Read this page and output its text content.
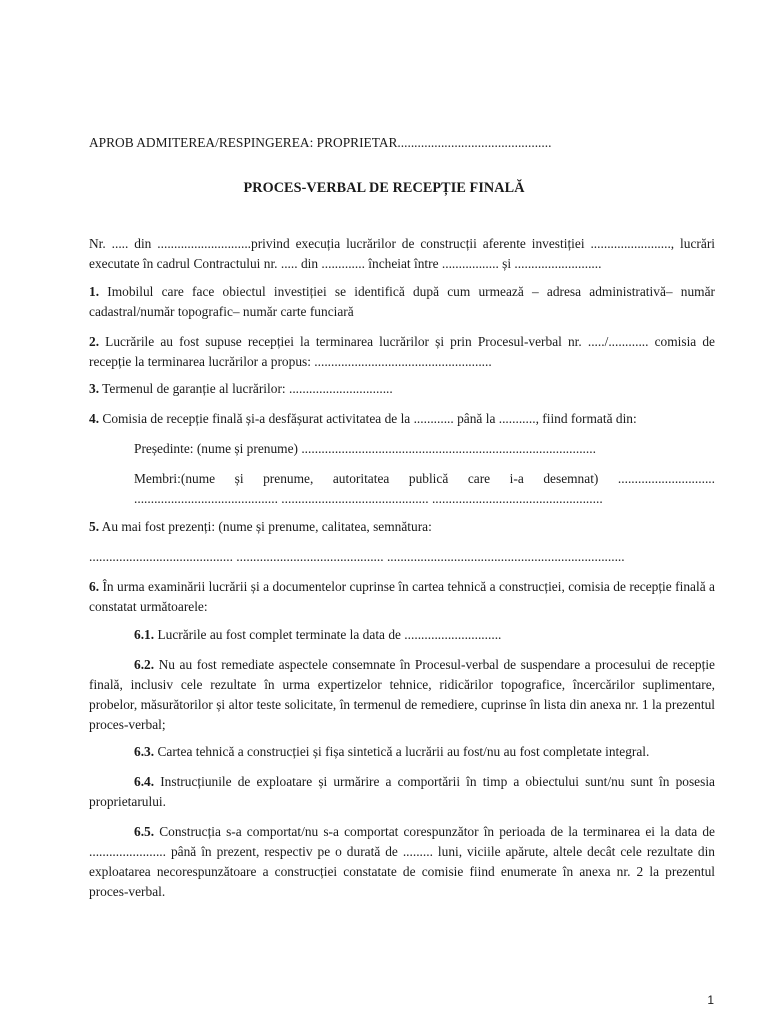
APROB ADMITEREA/RESPINGEREA: PROPRIETAR..............................................
PROCES-VERBAL DE RECEPȚIE FINALĂ
Nr. ..... din ............................privind execuția lucrărilor de construcții aferente investiției ........................, lucrări executate în cadrul Contractului nr. ..... din ............. încheiat între ................. și ..........................
1. Imobilul care face obiectul investiției se identifică după cum urmează – adresa administrativă– număr cadastral/număr topografic– număr carte funciară
2. Lucrările au fost supuse recepției la terminarea lucrărilor și prin Procesul-verbal nr. ...../............ comisia de recepție la terminarea lucrărilor a propus: .....................................................
3. Termenul de garanție al lucrărilor: ...............................
4. Comisia de recepție finală și-a desfășurat activitatea de la ............ până la ..........., fiind formată din:
Președinte: (nume și prenume) ........................................................................................
Membri:(nume și prenume, autoritatea publică care i-a desemnat) ............................. ........................................... ............................................ ...................................................
5. Au mai fost prezenți: (nume și prenume, calitatea, semnătura:
........................................... ............................................ .......................................................................
6. În urma examinării lucrării și a documentelor cuprinse în cartea tehnică a construcției, comisia de recepție finală a constatat următoarele:
6.1. Lucrările au fost complet terminate la data de .............................
6.2. Nu au fost remediate aspectele consemnate în Procesul-verbal de suspendare a procesului de recepție finală, inclusiv cele rezultate în urma expertizelor tehnice, ridicărilor topografice, încercărilor suplimentare, probelor, măsurătorilor și altor teste solicitate, în termenul de remediere, cuprinse în lista din anexa nr. 1 la prezentul proces-verbal;
6.3. Cartea tehnică a construcției și fișa sintetică a lucrării au fost/nu au fost completate integral.
6.4. Instrucțiunile de exploatare și urmărire a comportării în timp a obiectului sunt/nu sunt în posesia proprietarului.
6.5. Construcția s-a comportat/nu s-a comportat corespunzător în perioada de la terminarea ei la data de ....................... până în prezent, respectiv pe o durată de ......... luni, viciile apărute, altele decât cele rezultate din exploatarea necorespunzătoare a construcției constatate de comisie fiind enumerate în anexa nr. 2 la prezentul proces-verbal.
1
